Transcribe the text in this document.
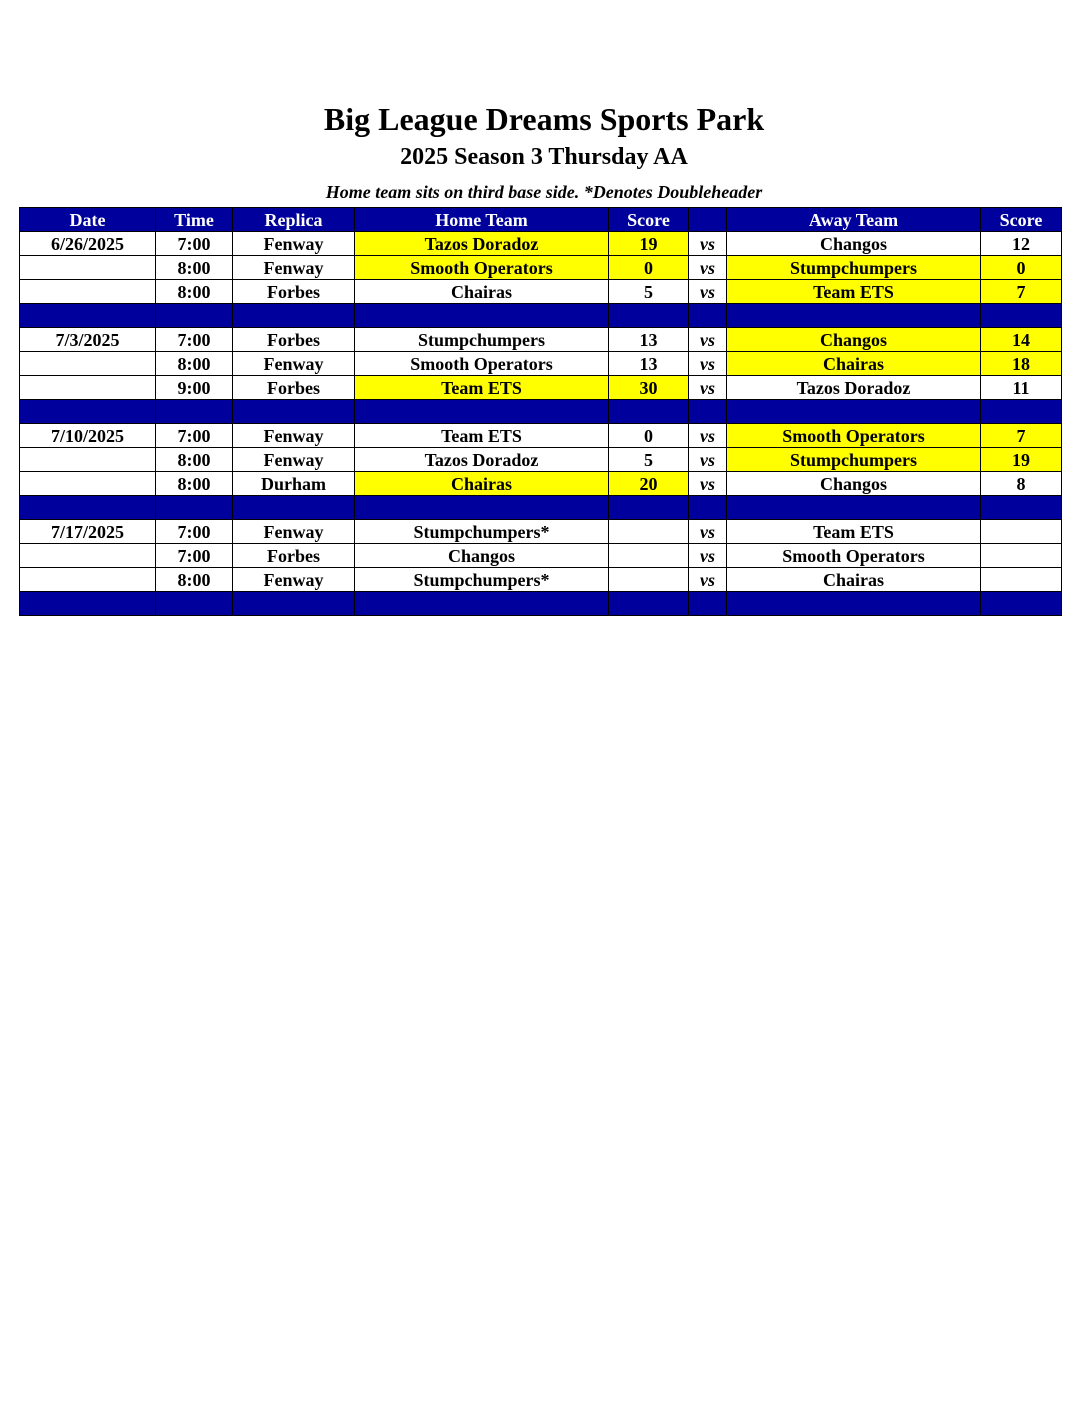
Big League Dreams Sports Park
2025 Season 3 Thursday AA
Home team sits on third base side. *Denotes Doubleheader
Date	Time	Replica	Home Team	Score		Away Team	Score
6/26/2025	7:00	Fenway	Tazos Doradoz	19	vs	Changos	12
	8:00	Fenway	Smooth Operators	0	vs	Stumpchumpers	0
	8:00	Forbes	Chairas	5	vs	Team ETS	7

7/3/2025	7:00	Forbes	Stumpchumpers	13	vs	Changos	14
	8:00	Fenway	Smooth Operators	13	vs	Chairas	18
	9:00	Forbes	Team ETS	30	vs	Tazos Doradoz	11

7/10/2025	7:00	Fenway	Team ETS	0	vs	Smooth Operators	7
	8:00	Fenway	Tazos Doradoz	5	vs	Stumpchumpers	19
	8:00	Durham	Chairas	20	vs	Changos	8

7/17/2025	7:00	Fenway	Stumpchumpers*		vs	Team ETS	
	7:00	Forbes	Changos		vs	Smooth Operators	
	8:00	Fenway	Stumpchumpers*		vs	Chairas	
